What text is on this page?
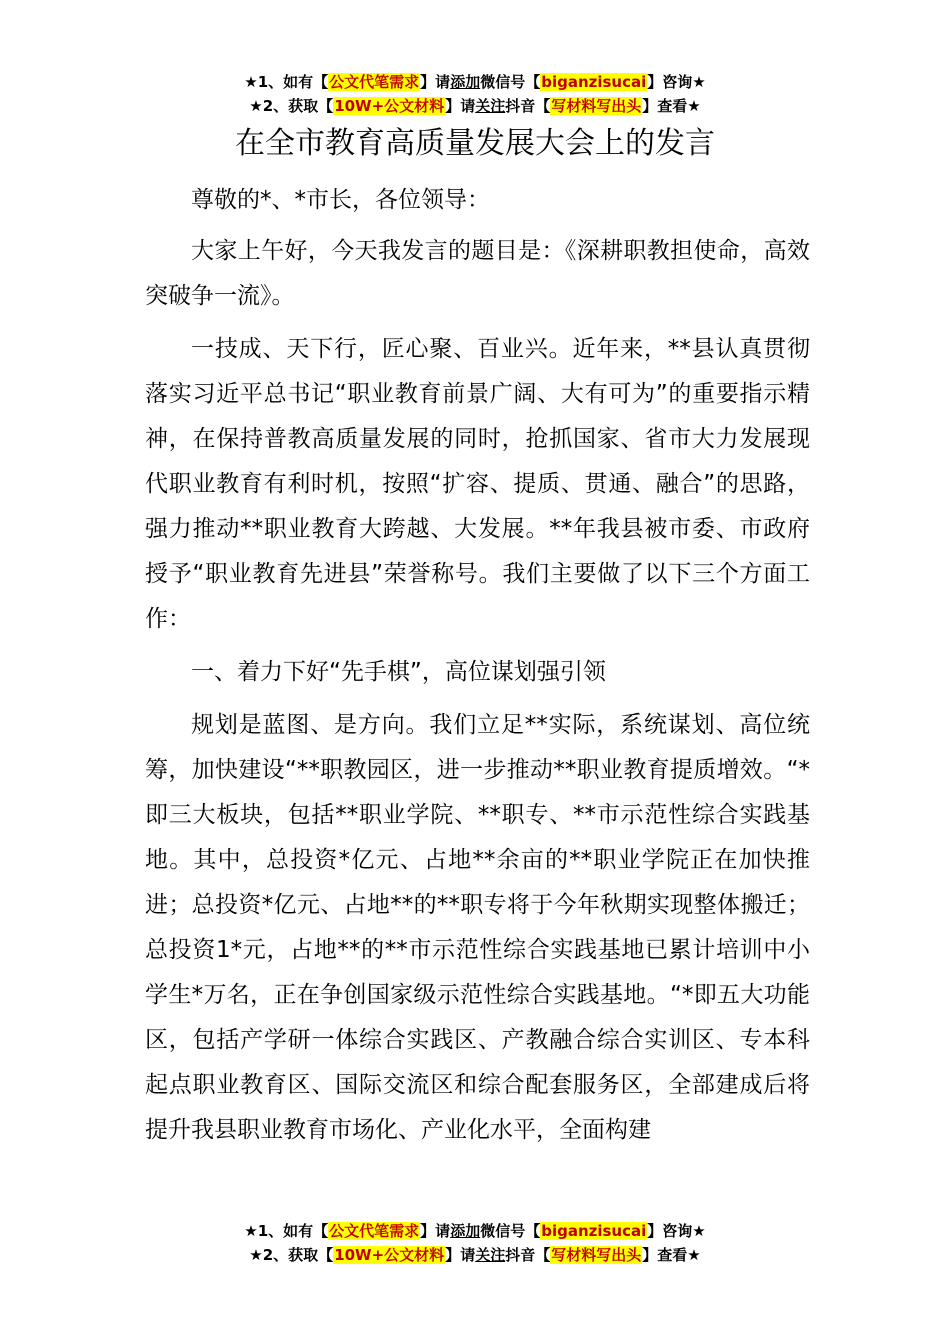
★1、如有【公文代笔需求】请添加微信号【biganzisucai】咨询★
★2、获取【10W+公文材料】请关注抖音【写材料写出头】查看★
在全市教育高质量发展大会上的发言

尊敬的*、*市长，各位领导：

大家上午好，今天我发言的题目是：《深耕职教担使命，高效突破争一流》。

一技成、天下行，匠心聚、百业兴。近年来，**县认真贯彻落实习近平总书记“职业教育前景广阔、大有可为”的重要指示精神，在保持普教高质量发展的同时，抢抓国家、省市大力发展现代职业教育有利时机，按照“扩容、提质、贯通、融合”的思路，强力推动**职业教育大跨越、大发展。**年我县被市委、市政府授予“职业教育先进县”荣誉称号。我们主要做了以下三个方面工作：

一、着力下好“先手棋”，高位谋划强引领

规划是蓝图、是方向。我们立足**实际，系统谋划、高位统筹，加快建设“**职教园区，进一步推动**职业教育提质增效。“*即三大板块，包括**职业学院、**职专、**市示范性综合实践基地。其中，总投资*亿元、占地**余亩的**职业学院正在加快推进；总投资*亿元、占地**的**职专将于今年秋期实现整体搬迁；总投资1*元，占地**的**市示范性综合实践基地已累计培训中小学生*万名，正在争创国家级示范性综合实践基地。“*即五大功能区，包括产学研一体综合实践区、产教融合综合实训区、专本科起点职业教育区、国际交流区和综合配套服务区，全部建成后将提升我县职业教育市场化、产业化水平，全面构建

★1、如有【公文代笔需求】请添加微信号【biganzisucai】咨询★
★2、获取【10W+公文材料】请关注抖音【写材料写出头】查看★
